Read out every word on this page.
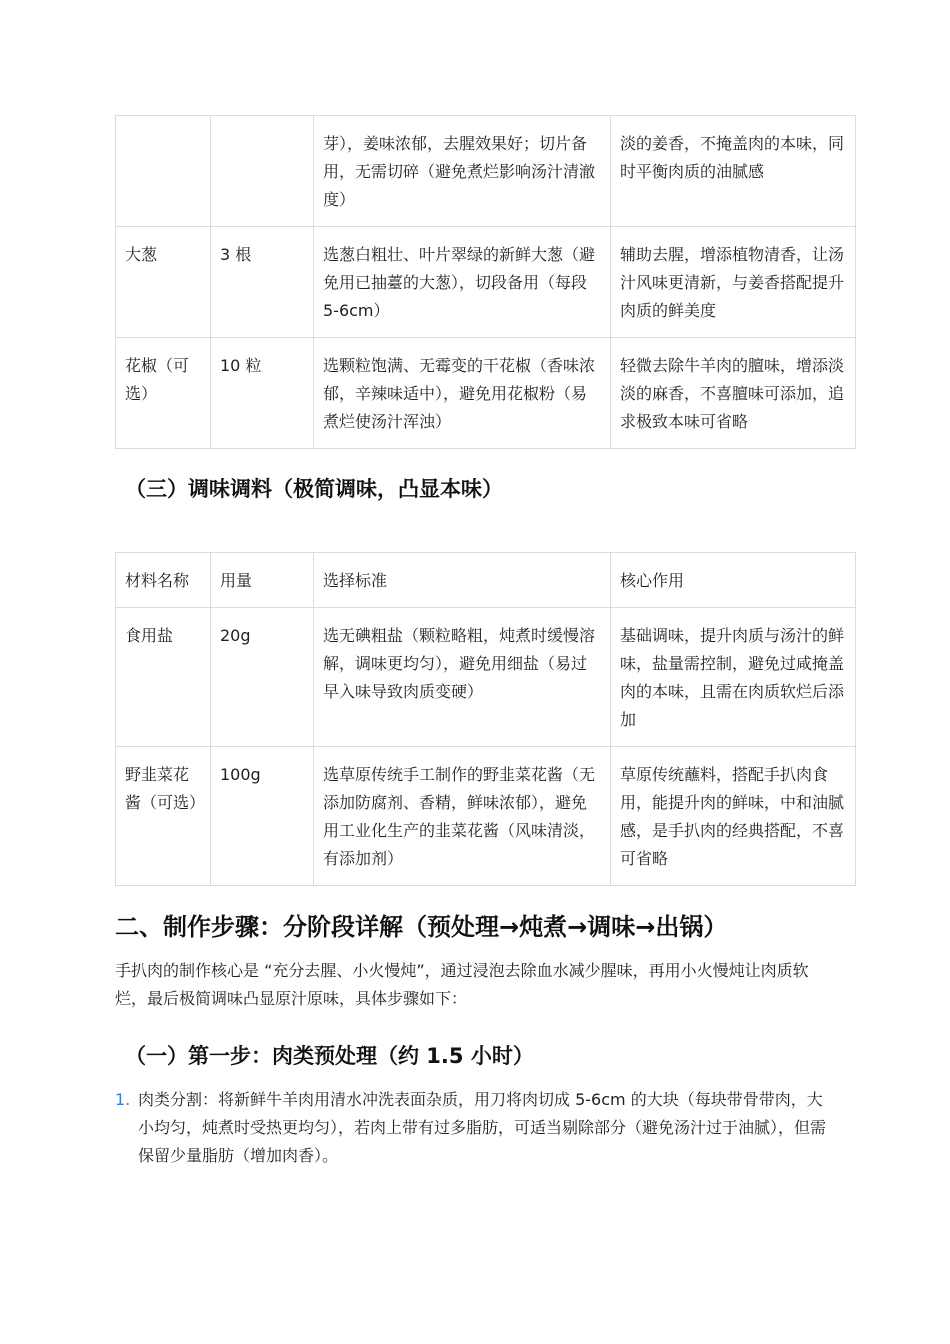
		芽），姜味浓郁，去腥效果好；切片备用，无需切碎（避免煮烂影响汤汁清澈度）	淡的姜香，不掩盖肉的本味，同时平衡肉质的油腻感
大葱	3 根	选葱白粗壮、叶片翠绿的新鲜大葱（避免用已抽薹的大葱），切段备用（每段 5-6cm）	辅助去腥，增添植物清香，让汤汁风味更清新，与姜香搭配提升肉质的鲜美度
花椒（可选）	10 粒	选颗粒饱满、无霉变的干花椒（香味浓郁，辛辣味适中），避免用花椒粉（易煮烂使汤汁浑浊）	轻微去除牛羊肉的膻味，增添淡淡的麻香，不喜膻味可添加，追求极致本味可省略
（三）调味调料（极简调味，凸显本味）
材料名称	用量	选择标准	核心作用
食用盐	20g	选无碘粗盐（颗粒略粗，炖煮时缓慢溶解，调味更均匀），避免用细盐（易过早入味导致肉质变硬）	基础调味，提升肉质与汤汁的鲜味，盐量需控制，避免过咸掩盖肉的本味，且需在肉质软烂后添加
野韭菜花酱（可选）	100g	选草原传统手工制作的野韭菜花酱（无添加防腐剂、香精，鲜味浓郁），避免用工业化生产的韭菜花酱（风味清淡，有添加剂）	草原传统蘸料，搭配手扒肉食用，能提升肉的鲜味，中和油腻感，是手扒肉的经典搭配，不喜可省略
二、制作步骤：分阶段详解（预处理→炖煮→调味→出锅）

手扒肉的制作核心是 “充分去腥、小火慢炖”，通过浸泡去除血水减少腥味，再用小火慢炖让肉质软烂，最后极简调味凸显原汁原味，具体步骤如下：

（一）第一步：肉类预处理（约 1.5 小时）
1. 肉类分割：将新鲜牛羊肉用清水冲洗表面杂质，用刀将肉切成 5-6cm 的大块（每块带骨带肉，大小均匀，炖煮时受热更均匀），若肉上带有过多脂肪，可适当剔除部分（避免汤汁过于油腻），但需保留少量脂肪（增加肉香）。
